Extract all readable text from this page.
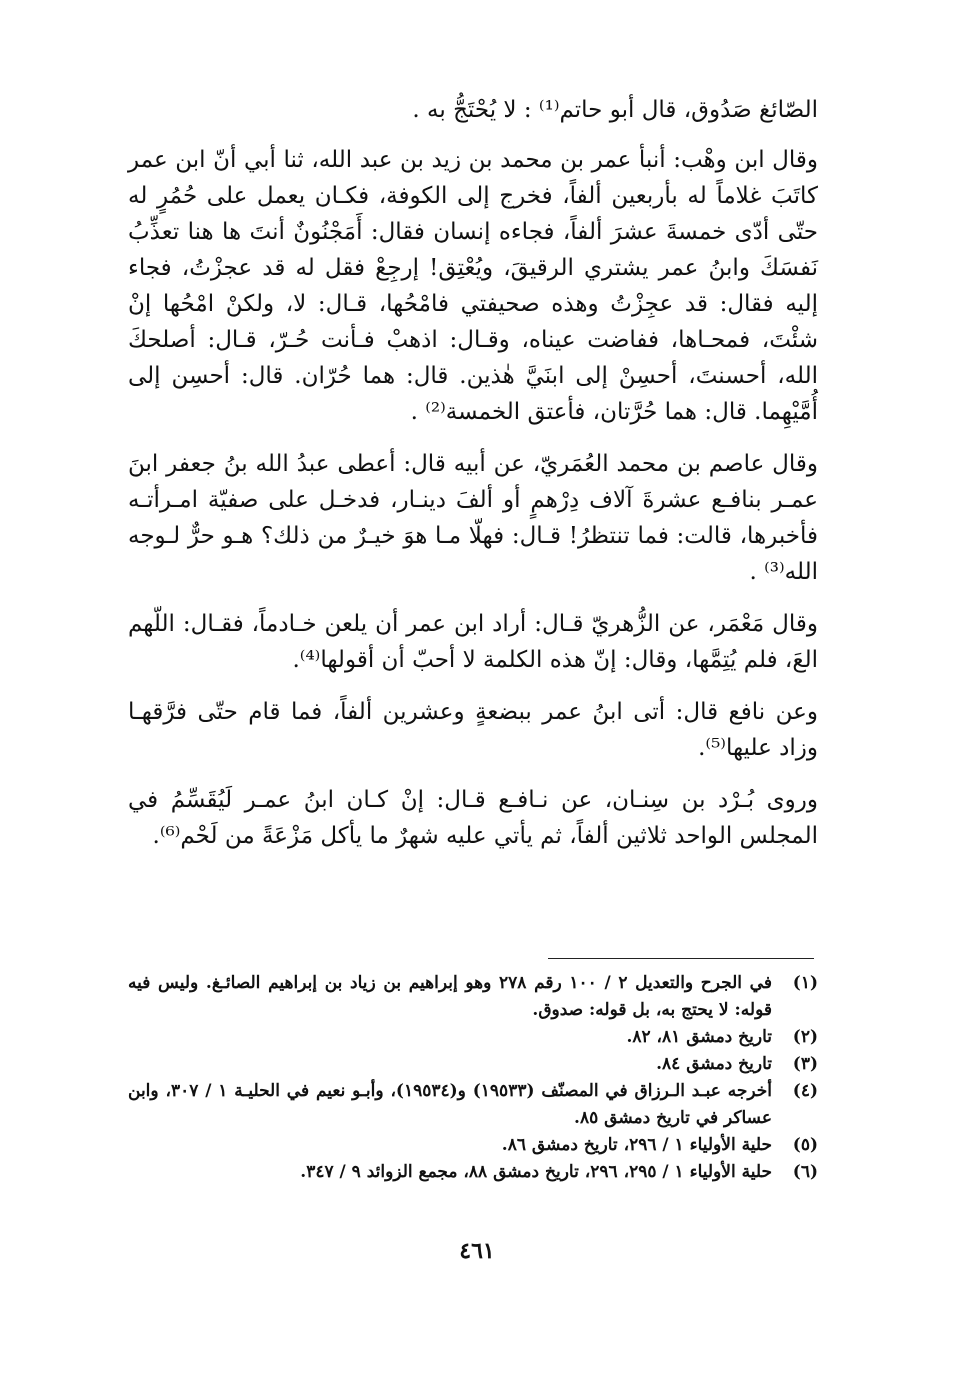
الصّائغ صَدُوق، قال أبو حاتم⁽¹⁾ : لا يُحْتَجُّ به .

وقال ابن وهْب: أنبأ عمر بن محمد بن زيد بن عبد الله، ثنا أبي أنّ ابن عمر كاتَبَ غلاماً له بأربعين ألفاً، فخرج إلى الكوفة، فكـان يعمل على حُمُرٍ له حتّى أدّى خمسةَ عشرَ ألفاً، فجاءه إنسان فقال: أَمَجْنُونٌ أنتَ ها هنا تعذِّبُ نَفسَكَ وابنُ عمر يشتري الرقيقَ، ويُعْتِق! إرجِعْ فقل له قد عجزْتُ، فجاء إليه فقال: قد عجِزْتُ وهذه صحيفتي فامْحُها، قـال: لا، ولكنْ امْحُها إنْ شئْتَ، فمحـاها، ففاضت عيناه، وقـال: اذهبْ فـأنت حُـرّ، قـال: أصلحكَ الله، أحسنتَ، أحسِنْ إلى ابنَيَّ هٰذين. قال: هما حُرّان. قال: أحسِن إلى أُمَّيْهِما. قال: هما حُرَّتان، فأعتق الخمسة⁽²⁾ .

وقال عاصم بن محمد العُمَريّ، عن أبيه قال: أعطى عبدُ الله بنُ جعفر ابنَ عمـر بنافـع عشرةَ آلاف دِرْهمٍ أو ألفَ دينـار، فدخـل على صفيّة امـرأتـه فأخبرها، قالت: فما تنتظرُ! قـال: فهلّا مـا هوَ خيـرٌ من ذلك؟ هـو حرٌّ لـوجه الله⁽³⁾ .

وقال مَعْمَر، عن الزُّهريّ قـال: أراد ابن عمر أن يلعن خـادماً، فقـال: اللّهم العَ، فلم يُتِمَّها، وقال: إنّ هذه الكلمة لا أحبّ أن أقولها⁽⁴⁾.

وعن نافع قال: أتى ابنُ عمر ببضعةٍ وعشرين ألفاً، فما قام حتّى فرَّقهـا وزاد عليها⁽⁵⁾.

وروى بُـرْد بن سِنـان، عن نـافـع قـال: إنْ كـان ابنُ عمـر لَيُقَسِّمُ في المجلس الواحد ثلاثين ألفاً، ثم يأتي عليه شهرٌ ما يأكل مَزْعَةً من لَحْم⁽⁶⁾.

(١)
في الجرح والتعديل ٢ / ١٠٠ رقم ٢٧٨ وهو إبراهيم بن زياد بن إبراهيم الصائـغ. وليس فيه قوله: لا يحتج به، بل قوله: صدوق.
(٢)
تاريخ دمشق ٨١، ٨٢.
(٣)
تاريخ دمشق ٨٤.
(٤)
أخرجه عبـد الـرزاق في المصنّف (١٩٥٣٣) و(١٩٥٣٤)، وأبـو نعيم في الحليـة ١ / ٣٠٧، وابن عساكر في تاريخ دمشق ٨٥.
(٥)
حلية الأولياء ١ / ٢٩٦، تاريخ دمشق ٨٦.
(٦)
حلية الأولياء ١ / ٢٩٥، ٢٩٦، تاريخ دمشق ٨٨، مجمع الزوائد ٩ / ٣٤٧.
٤٦١
